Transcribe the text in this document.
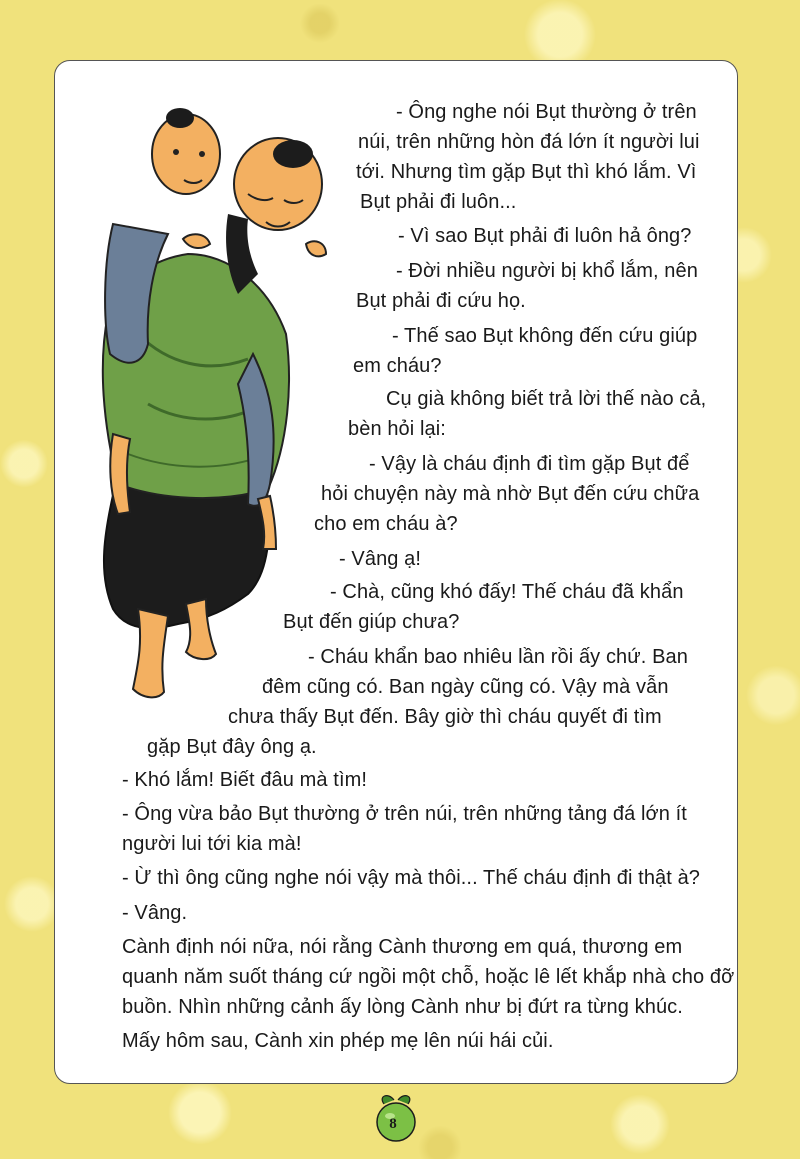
- Ông nghe nói Bụt thường ở trên

núi, trên những hòn đá lớn ít người lui

tới. Nhưng tìm gặp Bụt thì khó lắm. Vì

Bụt phải đi luôn...

- Vì sao Bụt phải đi luôn hả ông?

- Đời nhiều người bị khổ lắm, nên

Bụt phải đi cứu họ.

- Thế sao Bụt không đến cứu giúp

em cháu?

Cụ già không biết trả lời thế nào cả,

bèn hỏi lại:

- Vậy là cháu định đi tìm gặp Bụt để

hỏi chuyện này mà nhờ Bụt đến cứu chữa

cho em cháu à?

- Vâng ạ!

- Chà, cũng khó đấy! Thế cháu đã khẩn

Bụt đến giúp chưa?

- Cháu khẩn bao nhiêu lần rồi ấy chứ. Ban

đêm cũng có. Ban ngày cũng có. Vậy mà vẫn

chưa thấy Bụt đến. Bây giờ thì cháu quyết đi tìm

gặp Bụt đây ông ạ.

- Khó lắm! Biết đâu mà tìm!

- Ông vừa bảo Bụt thường ở trên núi, trên những tảng đá lớn ít

người lui tới kia mà!

- Ừ thì ông cũng nghe nói vậy mà thôi... Thế cháu định đi thật à?

- Vâng.

Cành định nói nữa, nói rằng Cành thương em quá, thương em

quanh năm suốt tháng cứ ngồi một chỗ, hoặc lê lết khắp nhà cho đỡ

buồn. Nhìn những cảnh ấy lòng Cành như bị đứt ra từng khúc.

Mấy hôm sau, Cành xin phép mẹ lên núi hái củi.

8
